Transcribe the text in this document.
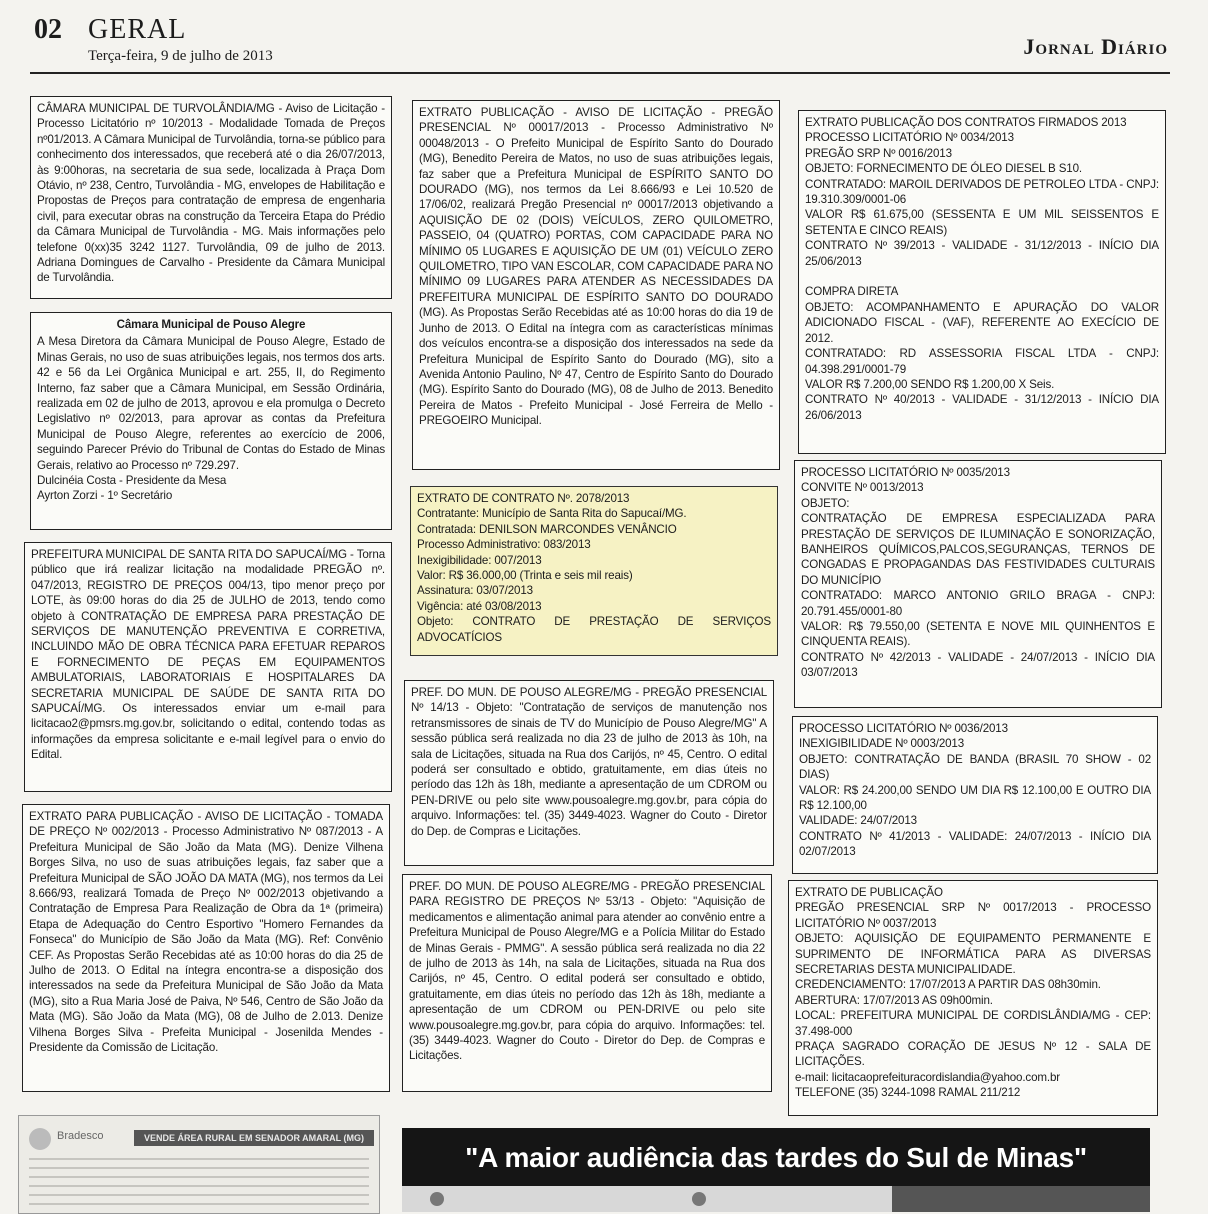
02 GERAL
Terça-feira, 9 de julho de 2013	Jornal Diário

CÂMARA MUNICIPAL DE TURVOLÂNDIA/MG - Aviso de Licitação - Processo Licitatório nº 10/2013 - Modalidade Tomada de Preços nº01/2013. A Câmara Municipal de Turvolândia, torna-se público para conhecimento dos interessados, que receberá até o dia 26/07/2013, às 9:00horas, na secretaria de sua sede, localizada à Praça Dom Otávio, nº 238, Centro, Turvolândia - MG, envelopes de Habilitação e Propostas de Preços para contratação de empresa de engenharia civil, para executar obras na construção da Terceira Etapa do Prédio da Câmara Municipal de Turvolândia - MG. Mais informações pelo telefone 0(xx)35 3242 1127. Turvolândia, 09 de julho de 2013. Adriana Domingues de Carvalho - Presidente da Câmara Municipal de Turvolândia.

Câmara Municipal de Pouso Alegre

A Mesa Diretora da Câmara Municipal de Pouso Alegre, Estado de Minas Gerais, no uso de suas atribuições legais, nos termos dos arts. 42 e 56 da Lei Orgânica Municipal e art. 255, II, do Regimento Interno, faz saber que a Câmara Municipal, em Sessão Ordinária, realizada em 02 de julho de 2013, aprovou e ela promulga o Decreto Legislativo nº 02/2013, para aprovar as contas da Prefeitura Municipal de Pouso Alegre, referentes ao exercício de 2006, seguindo Parecer Prévio do Tribunal de Contas do Estado de Minas Gerais, relativo ao Processo nº 729.297.
Dulcinéia Costa - Presidente da Mesa
Ayrton Zorzi - 1º Secretário

PREFEITURA MUNICIPAL DE SANTA RITA DO SAPUCAÍ/MG - Torna público que irá realizar licitação na modalidade PREGÃO nº. 047/2013, REGISTRO DE PREÇOS 004/13, tipo menor preço por LOTE, às 09:00 horas do dia 25 de JULHO de 2013, tendo como objeto à CONTRATAÇÃO DE EMPRESA PARA PRESTAÇÃO DE SERVIÇOS DE MANUTENÇÃO PREVENTIVA E CORRETIVA, INCLUINDO MÃO DE OBRA TÉCNICA PARA EFETUAR REPAROS E FORNECIMENTO DE PEÇAS EM EQUIPAMENTOS AMBULATORIAIS, LABORATORIAIS E HOSPITALARES DA SECRETARIA MUNICIPAL DE SAÚDE DE SANTA RITA DO SAPUCAÍ/MG. Os interessados enviar um e-mail para licitacao2@pmsrs.mg.gov.br, solicitando o edital, contendo todas as informações da empresa solicitante e e-mail legível para o envio do Edital.

EXTRATO PARA PUBLICAÇÃO - AVISO DE LICITAÇÃO - TOMADA DE PREÇO Nº 002/2013 - Processo Administrativo Nº 087/2013 - A Prefeitura Municipal de São João da Mata (MG). Denize Vilhena Borges Silva, no uso de suas atribuições legais, faz saber que a Prefeitura Municipal de SÃO JOÃO DA MATA (MG), nos termos da Lei 8.666/93, realizará Tomada de Preço Nº 002/2013 objetivando a Contratação de Empresa Para Realização de Obra da 1ª (primeira) Etapa de Adequação do Centro Esportivo "Homero Fernandes da Fonseca" do Município de São João da Mata (MG). Ref: Convênio CEF. As Propostas Serão Recebidas até as 10:00 horas do dia 25 de Julho de 2013. O Edital na íntegra encontra-se a disposição dos interessados na sede da Prefeitura Municipal de São João da Mata (MG), sito a Rua Maria José de Paiva, Nº 546, Centro de São João da Mata (MG). São João da Mata (MG), 08 de Julho de 2.013. Denize Vilhena Borges Silva - Prefeita Municipal - Josenilda Mendes - Presidente da Comissão de Licitação.

EXTRATO PUBLICAÇÃO - AVISO DE LICITAÇÃO - PREGÃO PRESENCIAL Nº 00017/2013 - Processo Administrativo Nº 00048/2013 - O Prefeito Municipal de Espírito Santo do Dourado (MG), Benedito Pereira de Matos, no uso de suas atribuições legais, faz saber que a Prefeitura Municipal de ESPÍRITO SANTO DO DOURADO (MG), nos termos da Lei 8.666/93 e Lei 10.520 de 17/06/02, realizará Pregão Presencial nº 00017/2013 objetivando a AQUISIÇÃO DE 02 (DOIS) VEÍCULOS, ZERO QUILOMETRO, PASSEIO, 04 (QUATRO) PORTAS, COM CAPACIDADE PARA NO MÍNIMO 05 LUGARES E AQUISIÇÃO DE UM (01) VEÍCULO ZERO QUILOMETRO, TIPO VAN ESCOLAR, COM CAPACIDADE PARA NO MÍNIMO 09 LUGARES PARA ATENDER AS NECESSIDADES DA PREFEITURA MUNICIPAL DE ESPÍRITO SANTO DO DOURADO (MG). As Propostas Serão Recebidas até as 10:00 horas do dia 19 de Junho de 2013. O Edital na íntegra com as características mínimas dos veículos encontra-se a disposição dos interessados na sede da Prefeitura Municipal de Espírito Santo do Dourado (MG), sito a Avenida Antonio Paulino, Nº 47, Centro de Espírito Santo do Dourado (MG). Espírito Santo do Dourado (MG), 08 de Julho de 2013. Benedito Pereira de Matos - Prefeito Municipal - José Ferreira de Mello - PREGOEIRO Municipal.

EXTRATO DE CONTRATO Nº. 2078/2013
Contratante: Município de Santa Rita do Sapucaí/MG.
Contratada: DENILSON MARCONDES VENÂNCIO
Processo Administrativo: 083/2013
Inexigibilidade: 007/2013
Valor: R$ 36.000,00 (Trinta e seis mil reais)
Assinatura: 03/07/2013
Vigência: até 03/08/2013
Objeto: CONTRATO DE PRESTAÇÃO DE SERVIÇOS ADVOCATÍCIOS

PREF. DO MUN. DE POUSO ALEGRE/MG - PREGÃO PRESENCIAL Nº 14/13 - Objeto: "Contratação de serviços de manutenção nos retransmissores de sinais de TV do Município de Pouso Alegre/MG" A sessão pública será realizada no dia 23 de julho de 2013 às 10h, na sala de Licitações, situada na Rua dos Carijós, nº 45, Centro. O edital poderá ser consultado e obtido, gratuitamente, em dias úteis no período das 12h às 18h, mediante a apresentação de um CDROM ou PEN-DRIVE ou pelo site www.pousoalegre.mg.gov.br, para cópia do arquivo. Informações: tel. (35) 3449-4023. Wagner do Couto - Diretor do Dep. de Compras e Licitações.

PREF. DO MUN. DE POUSO ALEGRE/MG - PREGÃO PRESENCIAL PARA REGISTRO DE PREÇOS Nº 53/13 - Objeto: "Aquisição de medicamentos e alimentação animal para atender ao convênio entre a Prefeitura Municipal de Pouso Alegre/MG e a Polícia Militar do Estado de Minas Gerais - PMMG". A sessão pública será realizada no dia 22 de julho de 2013 às 14h, na sala de Licitações, situada na Rua dos Carijós, nº 45, Centro. O edital poderá ser consultado e obtido, gratuitamente, em dias úteis no período das 12h às 18h, mediante a apresentação de um CDROM ou PEN-DRIVE ou pelo site www.pousoalegre.mg.gov.br, para cópia do arquivo. Informações: tel. (35) 3449-4023. Wagner do Couto - Diretor do Dep. de Compras e Licitações.

EXTRATO PUBLICAÇÃO DOS CONTRATOS FIRMADOS 2013
PROCESSO LICITATÓRIO Nº 0034/2013
PREGÃO SRP Nº 0016/2013
OBJETO: FORNECIMENTO DE ÓLEO DIESEL B S10.
CONTRATADO: MAROIL DERIVADOS DE PETROLEO LTDA - CNPJ: 19.310.309/0001-06
VALOR R$ 61.675,00 (SESSENTA E UM MIL SEISSENTOS E SETENTA E CINCO REAIS)
CONTRATO Nº 39/2013 - VALIDADE - 31/12/2013 - INÍCIO DIA 25/06/2013

COMPRA DIRETA
OBJETO: ACOMPANHAMENTO E APURAÇÃO DO VALOR ADICIONADO FISCAL - (VAF), REFERENTE AO EXECÍCIO DE 2012.
CONTRATADO: RD ASSESSORIA FISCAL LTDA - CNPJ: 04.398.291/0001-79
VALOR R$ 7.200,00 SENDO R$ 1.200,00 X Seis.
CONTRATO Nº 40/2013 - VALIDADE - 31/12/2013 - INÍCIO DIA 26/06/2013

PROCESSO LICITATÓRIO Nº 0035/2013
CONVITE Nº 0013/2013
OBJETO:
CONTRATAÇÃO DE EMPRESA ESPECIALIZADA PARA PRESTAÇÃO DE SERVIÇOS DE ILUMINAÇÃO E SONORIZAÇÃO, BANHEIROS QUÍMICOS,PALCOS,SEGURANÇAS, TERNOS DE CONGADAS E PROPAGANDAS DAS FESTIVIDADES CULTURAIS DO MUNICÍPIO
CONTRATADO: MARCO ANTONIO GRILO BRAGA - CNPJ: 20.791.455/0001-80
VALOR: R$ 79.550,00 (SETENTA E NOVE MIL QUINHENTOS E CINQUENTA REAIS).
CONTRATO Nº 42/2013 - VALIDADE - 24/07/2013 - INÍCIO DIA 03/07/2013

PROCESSO LICITATÓRIO Nº 0036/2013
INEXIGIBILIDADE Nº 0003/2013
OBJETO: CONTRATAÇÃO DE BANDA (BRASIL 70 SHOW - 02 DIAS)
VALOR: R$ 24.200,00 SENDO UM DIA R$ 12.100,00 E OUTRO DIA R$ 12.100,00
VALIDADE: 24/07/2013
CONTRATO Nº 41/2013 - VALIDADE: 24/07/2013 - INÍCIO DIA 02/07/2013

EXTRATO DE PUBLICAÇÃO
PREGÃO PRESENCIAL SRP Nº 0017/2013 - PROCESSO LICITATÓRIO Nº 0037/2013
OBJETO: AQUISIÇÃO DE EQUIPAMENTO PERMANENTE E SUPRIMENTO DE INFORMÁTICA PARA AS DIVERSAS SECRETARIAS DESTA MUNICIPALIDADE.
CREDENCIAMENTO: 17/07/2013 A PARTIR DAS 08h30min.
ABERTURA: 17/07/2013 AS 09h00min.
LOCAL: PREFEITURA MUNICIPAL DE CORDISLÂNDIA/MG - CEP: 37.498-000
PRAÇA SAGRADO CORAÇÃO DE JESUS Nº 12 - SALA DE LICITAÇÕES.
e-mail: licitacaoprefeituracordislandia@yahoo.com.br
TELEFONE (35) 3244-1098 RAMAL 211/212

Bradesco	VENDE ÁREA RURAL EM SENADOR AMARAL (MG)
"A maior audiência das tardes do Sul de Minas"
